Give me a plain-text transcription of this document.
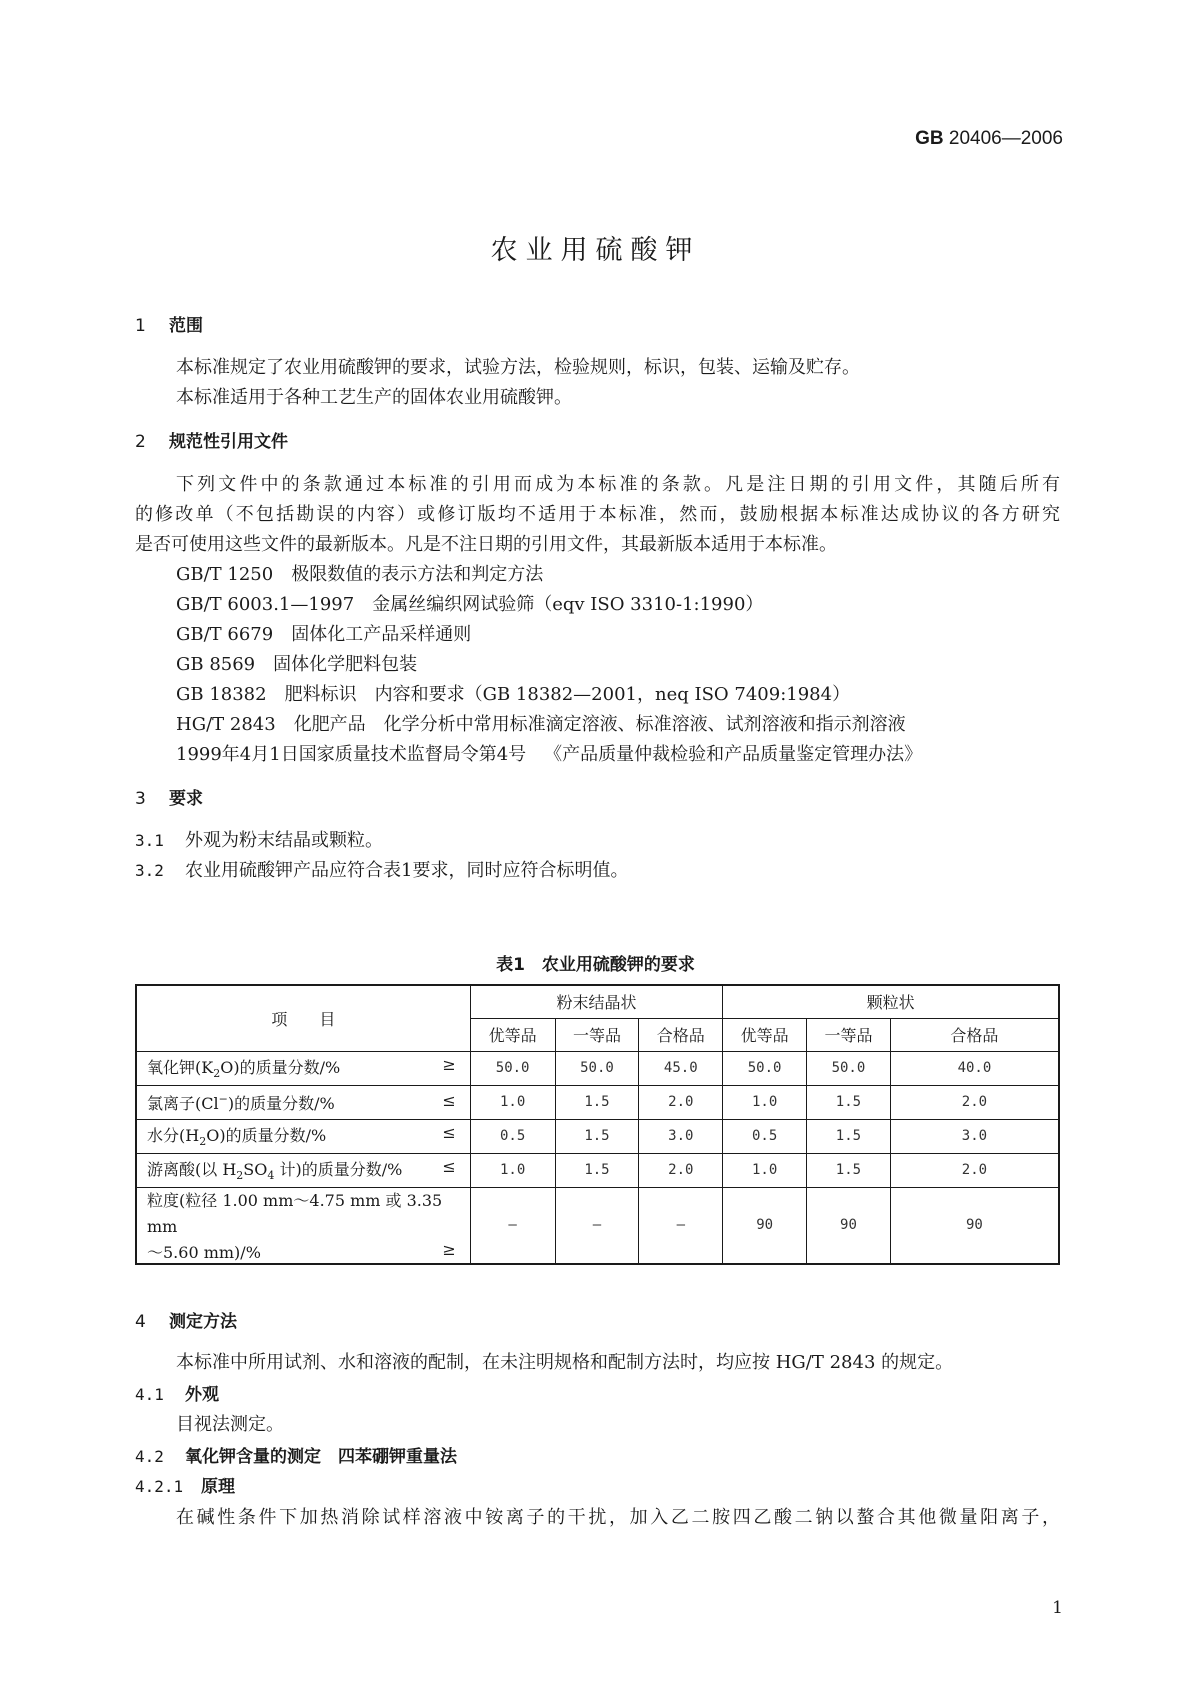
GB 20406—2006
农业用硫酸钾
1 范围
本标准规定了农业用硫酸钾的要求，试验方法，检验规则，标识，包装、运输及贮存。
本标准适用于各种工艺生产的固体农业用硫酸钾。
2 规范性引用文件
下列文件中的条款通过本标准的引用而成为本标准的条款。凡是注日期的引用文件，其随后所有
的修改单（不包括勘误的内容）或修订版均不适用于本标准，然而，鼓励根据本标准达成协议的各方研究
是否可使用这些文件的最新版本。凡是不注日期的引用文件，其最新版本适用于本标准。
GB/T 1250 极限数值的表示方法和判定方法
GB/T 6003.1—1997 金属丝编织网试验筛（eqv ISO 3310-1:1990）
GB/T 6679 固体化工产品采样通则
GB 8569 固体化学肥料包装
GB 18382 肥料标识　内容和要求（GB 18382—2001，neq ISO 7409:1984）
HG/T 2843 化肥产品　化学分析中常用标准滴定溶液、标准溶液、试剂溶液和指示剂溶液
1999年4月1日国家质量技术监督局令第4号 《产品质量仲裁检验和产品质量鉴定管理办法》
3 要求
3.1 外观为粉末结晶或颗粒。
3.2 农业用硫酸钾产品应符合表1要求，同时应符合标明值。
表1　农业用硫酸钾的要求
项　　目	粉末结晶状			颗粒状		
	优等品	一等品	合格品	优等品	一等品	合格品

氧化钾$(K_2O)$的质量分数/% ≥	50.0	50.0	45.0	50.0	50.0	40.0

氯离子(Cl−)的质量分数/% ≤	1.0	1.5	2.0	1.0	1.5	2.0

水分$(H_2O)$的质量分数/% ≤	0.5	1.5	3.0	0.5	1.5	3.0

游离酸(以 $H_2SO_4$ 计)的质量分数/% ≤	1.0	1.5	2.0	1.0	1.5	2.0

粒度(粒径 1.00 mm～4.75 mm 或 3.35 mm
～5.60 mm)/% ≥	—	—	—	90	90	90
4 测定方法
本标准中所用试剂、水和溶液的配制，在未注明规格和配制方法时，均应按 HG/T 2843 的规定。
4.1 外观
目视法测定。
4.2 氧化钾含量的测定　四苯硼钾重量法
4.2.1 原理
在碱性条件下加热消除试样溶液中铵离子的干扰，加入乙二胺四乙酸二钠以螯合其他微量阳离子，
1
